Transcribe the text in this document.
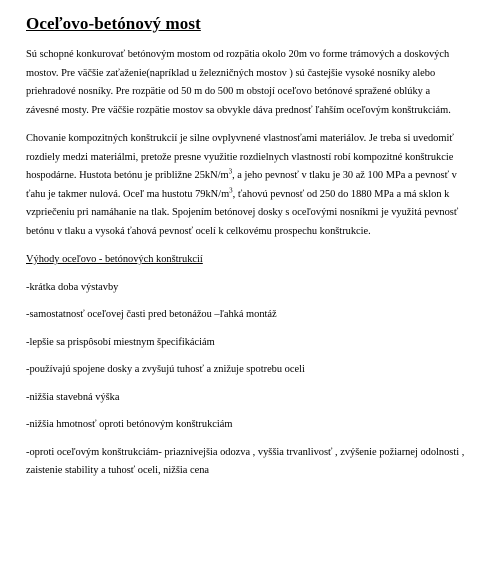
Oceľovo-betónový most

Sú schopné konkurovať betónovým mostom od rozpätia okolo 20m vo forme trámových a doskových mostov. Pre väčšie zaťaženie(napríklad u železničných mostov ) sú častejšie vysoké nosníky alebo priehradové nosníky. Pre rozpätie od 50 m do 500 m obstojí oceľovo betónové spražené oblúky a závesné mosty. Pre väčšie rozpätie mostov sa obvykle dáva prednosť ľahším oceľovým konštrukciám.

Chovanie kompozitných konštrukcií je silne ovplyvnené vlastnosťami materiálov. Je treba si uvedomiť rozdiely medzi materiálmi, pretože presne využitie rozdielnych vlastností robí kompozitné konštrukcie hospodárne. Hustota betónu je približne $25kN/m^3$, a jeho pevnosť v tlaku je 30 až 100 MPa a pevnosť v ťahu je takmer nulová. Oceľ ma hustotu $79kN/m^3$, ťahovú pevnosť od 250 do 1880 MPa a má sklon k vzpriečeniu pri namáhanie na tlak. Spojením betónovej dosky s oceľovými nosníkmi je využitá pevnosť betónu v tlaku a vysoká ťahová pevnosť ocelí k celkovému prospechu konštrukcie.

Výhody oceľovo - betónových konštrukcií
-krátka doba výstavby
-samostatnosť oceľovej časti pred betonážou –ľahká montáž
-lepšie sa prispôsobí miestnym špecifikáciám
-používajú spojene dosky a zvyšujú tuhosť a znižuje spotrebu oceli
-nižšia stavebná výška
-nižšia hmotnosť oproti betónovým konštrukciám
-oproti oceľovým konštrukciám- priaznivejšia odozva , vyššia trvanlivosť , zvýšenie požiarnej odolnosti , zaistenie stability a tuhosť oceli, nižšia cena
